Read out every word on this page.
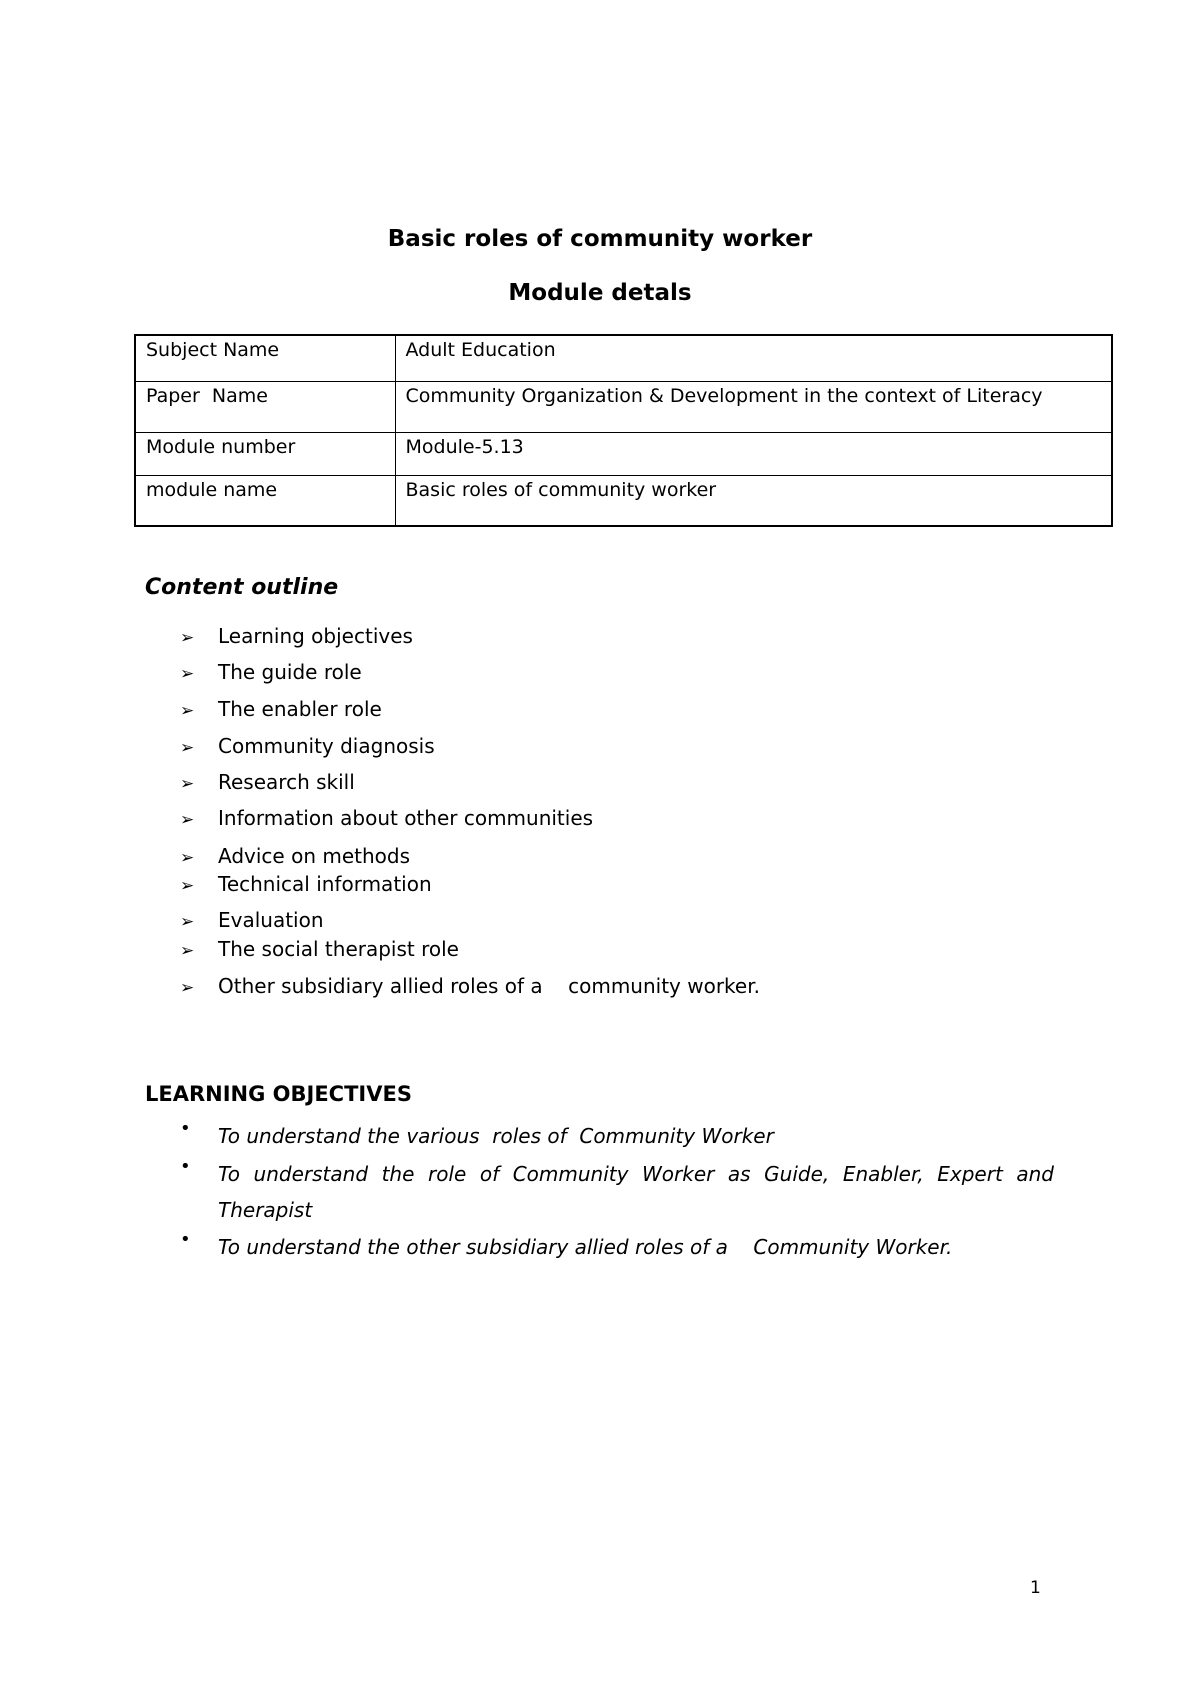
Basic roles of community worker
Module detals
Subject Name	Adult Education
Paper  Name	Community Organization & Development in the context of Literacy
Module number	Module-5.13
module name	Basic roles of community worker
Content outline
➢ Learning objectives
➢ The guide role
➢ The enabler role
➢ Community diagnosis
➢ Research skill
➢ Information about other communities
➢ Advice on methods
➢ Technical information
➢ Evaluation
➢ The social therapist role
➢ Other subsidiary allied roles of a    community worker.
LEARNING OBJECTIVES
• To understand the various  roles of  Community Worker
• To understand the role of Community Worker as Guide, Enabler, Expert and Therapist
• To understand the other subsidiary allied roles of a    Community Worker.

1
